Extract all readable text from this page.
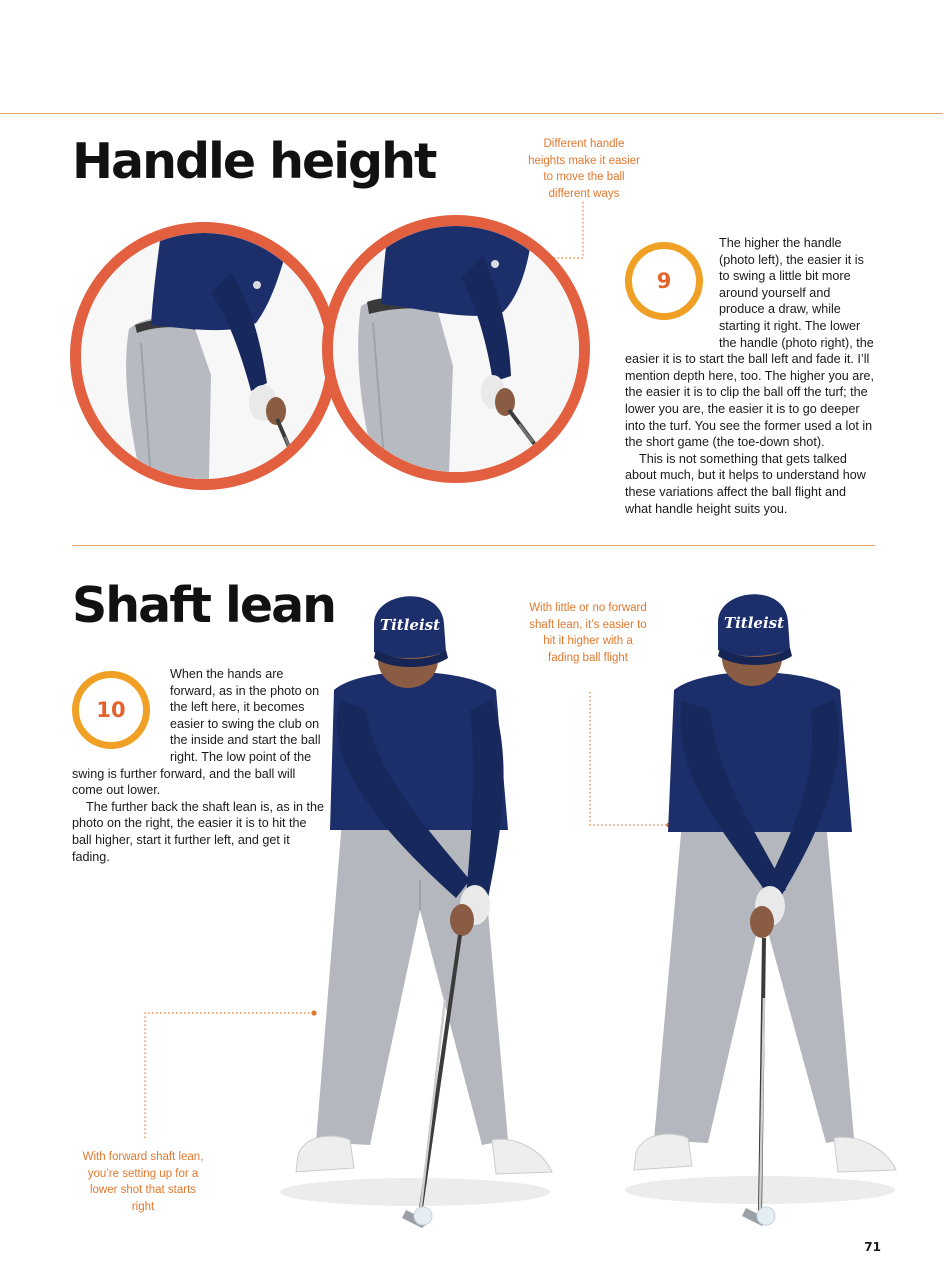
Handle height	Different handle heights make it easier to move the ball different ways
9

The higher the handle (photo left), the easier it is to swing a little bit more around yourself and produce a draw, while starting it right. The lower the handle (photo right), the easier it is to start the ball left and fade it. I’ll mention depth here, too. The higher you are, the easier it is to clip the ball off the turf; the lower you are, the easier it is to go deeper into the turf. You see the former used a lot in the short game (the toe-down shot).

This is not something that gets talked about much, but it helps to understand how these variations affect the ball flight and what handle height suits you.

Shaft lean
10

When the hands are forward, as in the photo on the left here, it becomes easier to swing the club on the inside and start the ball right. The low point of the swing is further forward, and the ball will come out lower.

The further back the shaft lean is, as in the photo on the right, the easier it is to hit the ball higher, start it further left, and get it fading.

With little or no forward shaft lean, it’s easier to hit it higher with a fading ball flight
With forward shaft lean, you’re setting up for a lower shot that starts right
Titleist	Titleist
71
